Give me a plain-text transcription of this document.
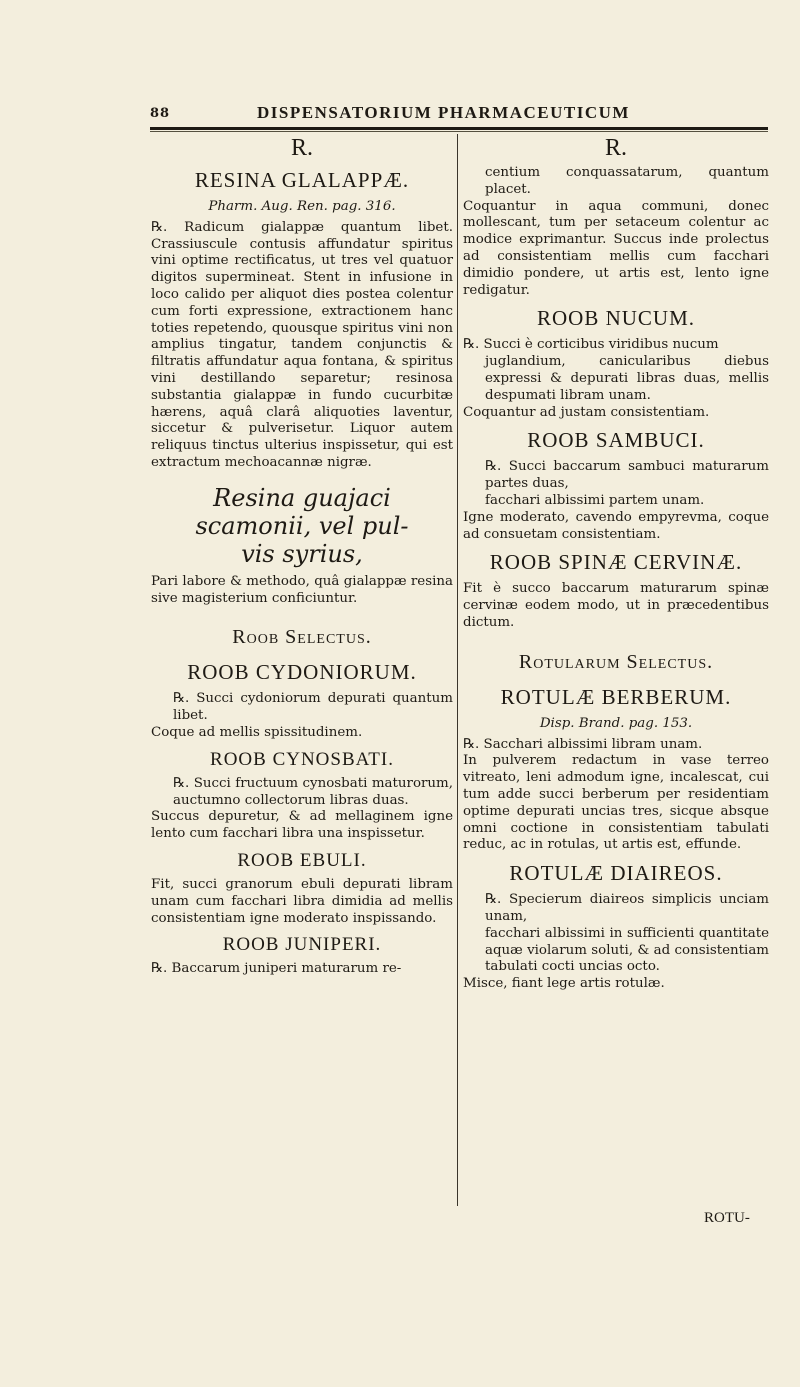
88	DISPENSATORIUM PHARMACEUTICUM
R.
RESINA GLALAPPÆ.
Pharm. Aug. Ren. pag. 316.

℞. Radicum gialappæ quantum libet. Crassiuscule contusis affundatur spiritus vini optime rectificatus, ut tres vel quatuor digitos supermineat. Stent in infusione in loco calido per aliquot dies postea colentur cum forti expressione, extractionem hanc toties repetendo, quousque spiritus vini non amplius tingatur, tandem conjunctis & filtratis affundatur aqua fontana, & spiritus vini destillando separetur; resinosa substantia gialappæ in fundo cucurbitæ hærens, aquâ clarâ aliquoties laventur, siccetur & pulverisetur. Liquor autem reliquus tinctus ulterius inspissetur, qui est extractum mechoacannæ nigræ.

Resina guajaci
scamonii, vel pul-
vis syrius,

Pari labore & methodo, quâ gialappæ resina sive magisterium conficiuntur.

Roob Selectus.
ROOB CYDONIORUM.

℞. Succi cydoniorum depurati quantum libet.

Coque ad mellis spissitudinem.

ROOB CYNOSBATI.

℞. Succi fructuum cynosbati maturorum, auctumno collectorum libras duas.

Succus depuretur, & ad mellaginem igne lento cum facchari libra una inspissetur.

ROOB EBULI.

Fit, succi granorum ebuli depurati libram unam cum facchari libra dimidia ad mellis consistentiam igne moderato inspissando.

ROOB JUNIPERI.

℞. Baccarum juniperi maturarum re-

R.

centium conquassatarum, quantum placet.

Coquantur in aqua communi, donec mollescant, tum per setaceum colentur ac modice exprimantur. Succus inde prolectus ad consistentiam mellis cum facchari dimidio pondere, ut artis est, lento igne redigatur.

ROOB NUCUM.

℞. Succi è corticibus viridibus nucum

juglandium, canicularibus diebus expressi & depurati libras duas, mellis despumati libram unam.

Coquantur ad justam consistentiam.

ROOB SAMBUCI.

℞. Succi baccarum sambuci maturarum partes duas,

facchari albissimi partem unam.

Igne moderato, cavendo empyrevma, coque ad consuetam consistentiam.

ROOB SPINÆ CERVINÆ.

Fit è succo baccarum maturarum spinæ cervinæ eodem modo, ut in præcedentibus dictum.

Rotularum Selectus.
ROTULÆ BERBERUM.
Disp. Brand. pag. 153.

℞. Sacchari albissimi libram unam.

In pulverem redactum in vase terreo vitreato, leni admodum igne, incalescat, cui tum adde succi berberum per residentiam optime depurati uncias tres, sicque absque omni coctione in consistentiam tabulati reduc, ac in rotulas, ut artis est, effunde.

ROTULÆ DIAIREOS.

℞. Specierum diaireos simplicis unciam unam,

facchari albissimi in sufficienti quantitate aquæ violarum soluti, & ad consistentiam tabulati cocti uncias octo.

Misce, fiant lege artis rotulæ.

ROTU-
